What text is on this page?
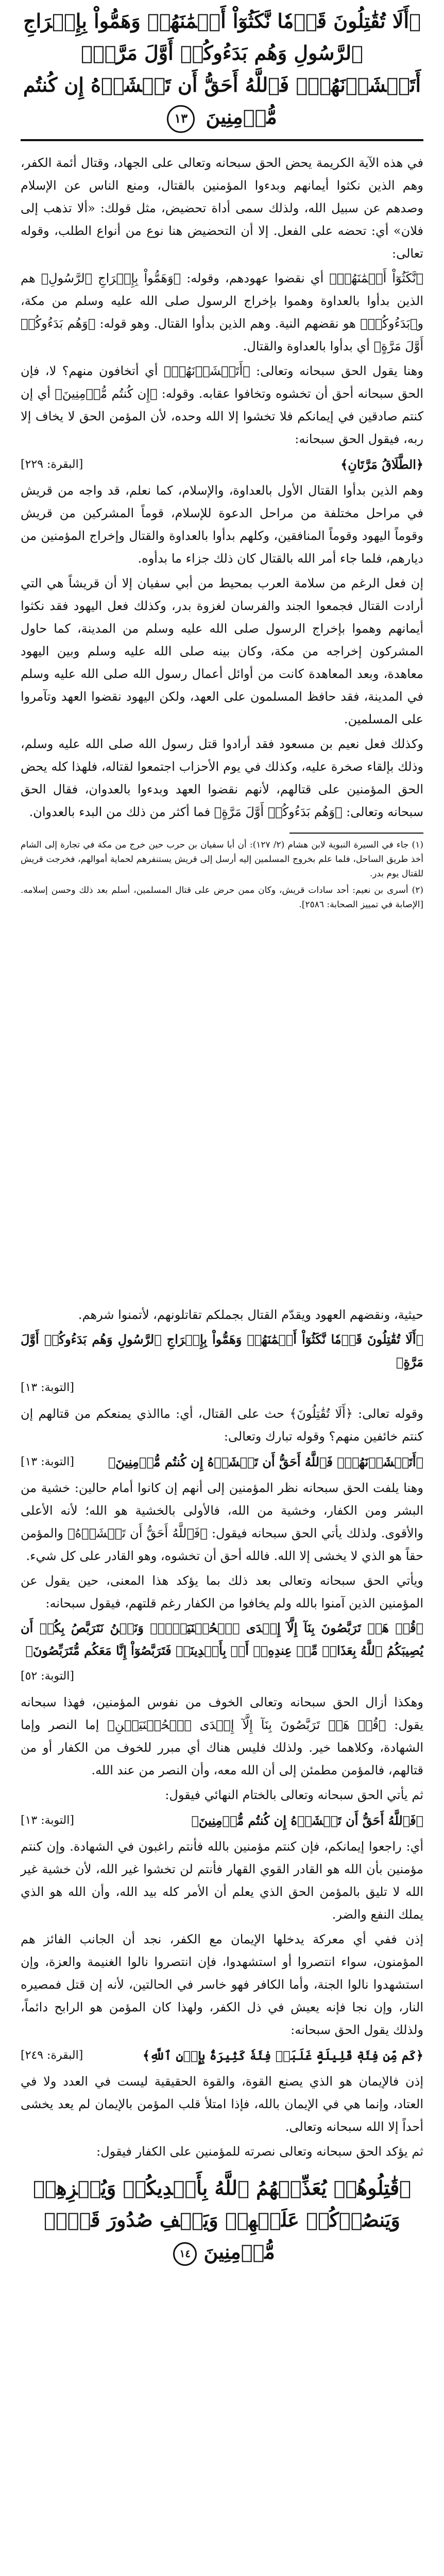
﴿أَلَا تُقَٰتِلُونَ قَوۡمٗا نَّكَثُوٓاْ أَيۡمَٰنَهُمۡ وَهَمُّواْ بِإِخۡرَاجِ ٱلرَّسُولِ وَهُم بَدَءُوكُمۡ أَوَّلَ مَرَّةٍۚ أَتَخۡشَوۡنَهُمۡۚ فَٱللَّهُ أَحَقُّ أَن تَخۡشَوۡهُ إِن كُنتُم مُّؤۡمِنِينَ ١٣

في هذه الآية الكريمة يحض الحق سبحانه وتعالى على الجهاد، وقتال أئمة الكفر، وهم الذين نكثوا أيمانهم وبدءوا المؤمنين بالقتال، ومنع الناس عن الإسلام وصدهم عن سبيل الله، ولذلك سمى أداة تحضيض، مثل قولك: «ألا تذهب إلى فلان» أي: تحضه على الفعل. إلا أن التحضيض هنا نوع من أنواع الطلب، وقوله تعالى:

﴿نَّكَثُوٓاْ أَيۡمَٰنَهُمۡ﴾ أي نقضوا عهودهم، وقوله: ﴿وَهَمُّواْ بِإِخۡرَاجِ ٱلرَّسُولِ﴾ هم الذين بدأوا بالعداوة وهموا بإخراج الرسول صلى الله عليه وسلم من مكة، و﴿بَدَءُوكُمۡ﴾ هو نقضهم النية. وهم الذين بدأوا القتال. وهو قوله: ﴿وَهُم بَدَءُوكُمۡ أَوَّلَ مَرَّةٍ﴾ أي بدأوا بالعداوة والقتال.

وهنا يقول الحق سبحانه وتعالى: ﴿أَتَخۡشَوۡنَهُمۡ﴾ أي أتخافون منهم؟ لا، فإن الحق سبحانه أحق أن تخشوه وتخافوا عقابه. وقوله: ﴿إِن كُنتُم مُّؤۡمِنِينَ﴾ أي إن كنتم صادقين في إيمانكم فلا تخشوا إلا الله وحده، لأن المؤمن الحق لا يخاف إلا ربه، فيقول الحق سبحانه:

﴿الطَّلَاقُ مَرَّتَانِ﴾
[البقرة: ٢٢٩]

وهم الذين بدأوا القتال الأول بالعداوة، والإسلام، كما نعلم، قد واجه من قريش في مراحل مختلفة من مراحل الدعوة للإسلام، قوماً المشركين من قريش وقوماً اليهود وقوماً المنافقين، وكلهم بدأوا بالعداوة والقتال وإخراج المؤمنين من ديارهم، فلما جاء أمر الله بالقتال كان ذلك جزاء ما بدأوه.

إن فعل الرغم من سلامة العرب بمحيط من أبي سفيان إلا أن قريشاً هي التي أرادت القتال فجمعوا الجند والفرسان لغزوة بدر، وكذلك فعل اليهود فقد نكثوا أيمانهم وهموا بإخراج الرسول صلى الله عليه وسلم من المدينة، كما حاول المشركون إخراجه من مكة، وكان بينه صلى الله عليه وسلم وبين اليهود معاهدة، وبعد المعاهدة كانت من أوائل أعمال رسول الله صلى الله عليه وسلم في المدينة، فقد حافظ المسلمون على العهد، ولكن اليهود نقضوا العهد وتآمروا على المسلمين.

وكذلك فعل نعيم بن مسعود فقد أرادوا قتل رسول الله صلى الله عليه وسلم، وذلك بإلقاء صخرة عليه، وكذلك في يوم الأحزاب اجتمعوا لقتاله، فلهذا كله يحض الحق المؤمنين على قتالهم، لأنهم نقضوا العهد وبدءوا بالعدوان، فقال الحق سبحانه وتعالى: ﴿وَهُم بَدَءُوكُمۡ أَوَّلَ مَرَّةٍ﴾ فما أكثر من ذلك من البدء بالعدوان.

(١) جاء في السيرة النبوية لابن هشام (٢/ ١٢٧): أن أبا سفيان بن حرب حين خرج من مكة في تجارة إلى الشام أخذ طريق الساحل، فلما علم بخروج المسلمين إليه أرسل إلى قريش يستنفرهم لحماية أموالهم، فخرجت قريش للقتال يوم بدر.

(٢) أسرى بن نعيم: أحد سادات قريش، وكان ممن حرض على قتال المسلمين، أسلم بعد ذلك وحسن إسلامه. [الإصابة في تمييز الصحابة: ٢٥٨٦].

حيثية، ونقضهم العهود ويقدّم القتال بجملكم تقاتلونهم، لأتمنوا شرهم.

﴿أَلَا تُقَٰتِلُونَ قَوۡمٗا نَّكَثُوٓاْ أَيۡمَٰنَهُمۡ وَهَمُّواْ بِإِخۡرَاجِ ٱلرَّسُولِ وَهُم بَدَءُوكُمۡ أَوَّلَ مَرَّةٍ﴾

[التوبة: ١٣]

وقوله تعالى: ﴿أَلَا تُقَٰتِلُونَ﴾ حث على القتال، أي: ماالذي يمنعكم من قتالهم إن كنتم خائفين منهم؟ وقوله تبارك وتعالى:

﴿أَتَخۡشَوۡنَهُمۡۚ فَٱللَّهُ أَحَقُّ أَن تَخۡشَوۡهُ إِن كُنتُم مُّؤۡمِنِينَ﴾
[التوبة: ١٣]

وهنا يلفت الحق سبحانه نظر المؤمنين إلى أنهم إن كانوا أمام حالين: خشية من البشر ومن الكفار، وخشية من الله، فالأولى بالخشية هو الله؛ لأنه الأعلى والأقوى. ولذلك يأتي الحق سبحانه فيقول: ﴿فَٱللَّهُ أَحَقُّ أَن تَخۡشَوۡهُ﴾ والمؤمن حقاً هو الذي لا يخشى إلا الله. فالله أحق أن تخشوه، وهو القادر على كل شيء.

ويأتي الحق سبحانه وتعالى بعد ذلك بما يؤكد هذا المعنى، حين يقول عن المؤمنين الذين آمنوا بالله ولم يخافوا من الكفار رغم قلتهم، فيقول سبحانه:

﴿قُلۡ هَلۡ تَرَبَّصُونَ بِنَآ إِلَّآ إِحۡدَى ٱلۡحُسۡنَيَيۡنِۖ وَنَحۡنُ نَتَرَبَّصُ بِكُمۡ أَن يُصِيبَكُمُ ٱللَّهُ بِعَذَابٖ مِّنۡ عِندِهِۦٓ أَوۡ بِأَيۡدِينَاۖ فَتَرَبَّصُوٓاْ إِنَّا مَعَكُم مُّتَرَبِّصُونَ﴾

[التوبة: ٥٢]

وهكذا أزال الحق سبحانه وتعالى الخوف من نفوس المؤمنين، فهذا سبحانه يقول: ﴿قُلۡ هَلۡ تَرَبَّصُونَ بِنَآ إِلَّآ إِحۡدَى ٱلۡحُسۡنَيَيۡنِ﴾ إما النصر وإما الشهادة، وكلاهما خير. ولذلك فليس هناك أي مبرر للخوف من الكفار أو من قتالهم، فالمؤمن مطمئن إلى أن الله معه، وأن النصر من عند الله.

ثم يأتي الحق سبحانه وتعالى بالختام النهائي فيقول:

﴿فَٱللَّهُ أَحَقُّ أَن تَخۡشَوۡهُ إِن كُنتُم مُّؤۡمِنِينَ﴾
[التوبة: ١٣]

أي: راجعوا إيمانكم، فإن كنتم مؤمنين بالله فأنتم راغبون في الشهادة. وإن كنتم مؤمنين بأن الله هو القادر القوي القهار فأنتم لن تخشوا غير الله، لأن خشية غير الله لا تليق بالمؤمن الحق الذي يعلم أن الأمر كله بيد الله، وأن الله هو الذي يملك النفع والضر.

إذن ففي أي معركة يدخلها الإيمان مع الكفر، نجد أن الجانب الفائز هم المؤمنون، سواء انتصروا أو استشهدوا، فإن انتصروا نالوا الغنيمة والعزة، وإن استشهدوا نالوا الجنة، وأما الكافر فهو خاسر في الحالتين، لأنه إن قتل فمصيره النار، وإن نجا فإنه يعيش في ذل الكفر، ولهذا كان المؤمن هو الرابح دائماً، ولذلك يقول الحق سبحانه:

﴿كَم مِّن فِئَةٖ قَلِيلَةٍ غَلَبَتۡ فِئَةٗ كَثِيرَةَۢ بِإِذۡنِ ٱللَّهِ﴾
[البقرة: ٢٤٩]

إذن فالإيمان هو الذي يصنع القوة، والقوة الحقيقية ليست في العدد ولا في العتاد، وإنما هي في الإيمان بالله، فإذا امتلأ قلب المؤمن بالإيمان لم يعد يخشى أحداً إلا الله سبحانه وتعالى.

ثم يؤكد الحق سبحانه وتعالى نصرته للمؤمنين على الكفار فيقول:

﴿قَٰتِلُوهُمۡ يُعَذِّبۡهُمُ ٱللَّهُ بِأَيۡدِيكُمۡ وَيُخۡزِهِمۡ وَيَنصُرۡكُمۡ عَلَيۡهِمۡ وَيَشۡفِ صُدُورَ قَوۡمٖ مُّؤۡمِنِينَ ١٤
